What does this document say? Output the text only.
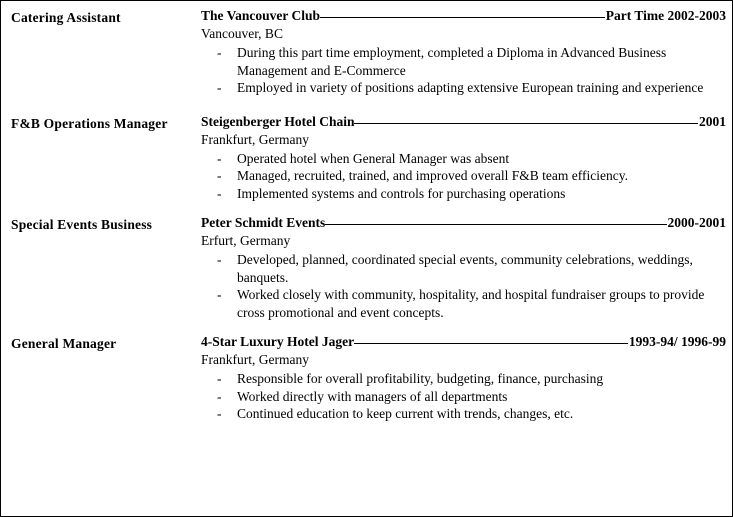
Catering Assistant	The Vancouver Club	Part Time 2002-2003
Vancouver, BC
- During this part time employment, completed a Diploma in Advanced Business Management and E-Commerce
- Employed in variety of positions adapting extensive European training and experience
F&B Operations Manager	Steigenberger Hotel Chain	2001
Frankfurt, Germany
- Operated hotel when General Manager was absent
- Managed, recruited, trained, and improved overall F&B team efficiency.
- Implemented systems and controls for purchasing operations
Special Events Business	Peter Schmidt Events	2000-2001
Erfurt, Germany
- Developed, planned, coordinated special events, community celebrations, weddings, banquets.
- Worked closely with community, hospitality, and hospital fundraiser groups to provide cross promotional and event concepts.
General Manager	4-Star Luxury Hotel Jager	1993-94/ 1996-99
Frankfurt, Germany
- Responsible for overall profitability, budgeting, finance, purchasing
- Worked directly with managers of all departments
- Continued education to keep current with trends, changes, etc.
